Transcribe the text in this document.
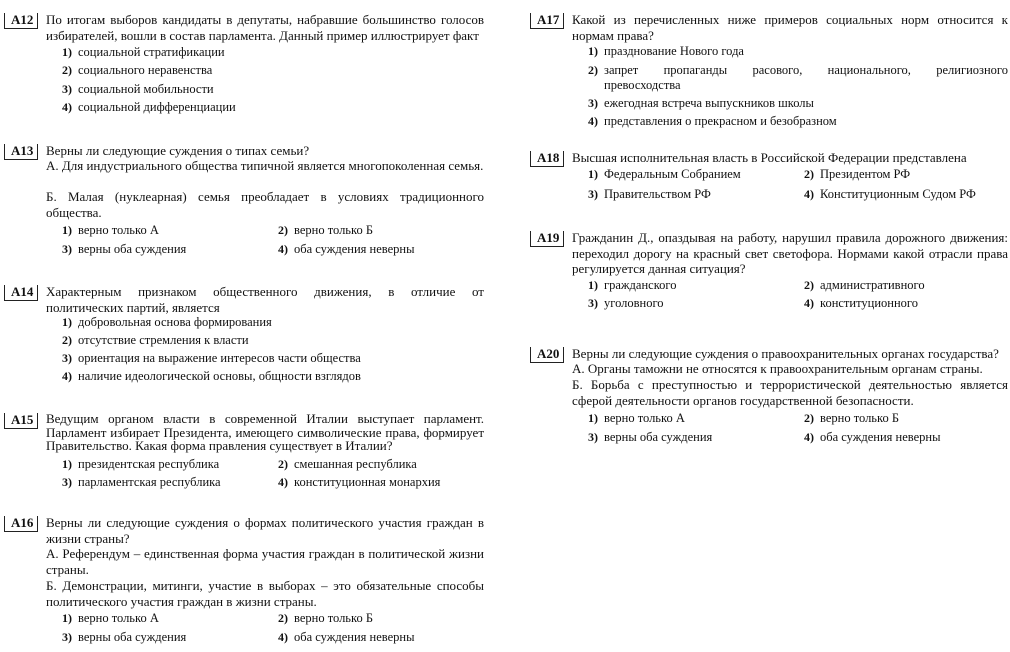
A12 По итогам выборов кандидаты в депутаты, набравшие большинство голосов избирателей, вошли в состав парламента. Данный пример иллюстрирует факт
1) социальной стратификации
2) социального неравенства
3) социальной мобильности
4) социальной дифференциации
A13 Верны ли следующие суждения о типах семьи?
А. Для индустриального общества типичной является многопоколенная семья.
Б. Малая (нуклеарная) семья преобладает в условиях традиционного общества.
1) верно только А	2) верно только Б
3) верны оба суждения	4) оба суждения неверны
A14 Характерным признаком общественного движения, в отличие от политических партий, является
1) добровольная основа формирования
2) отсутствие стремления к власти
3) ориентация на выражение интересов части общества
4) наличие идеологической основы, общности взглядов
A15 Ведущим органом власти в современной Италии выступает парламент. Парламент избирает Президента, имеющего символические права, формирует Правительство. Какая форма правления существует в Италии?
1) президентская республика	2) смешанная республика
3) парламентская республика	4) конституционная монархия
A16 Верны ли следующие суждения о формах политического участия граждан в жизни страны?
А. Референдум – единственная форма участия граждан в политической жизни страны.
Б. Демонстрации, митинги, участие в выборах – это обязательные способы политического участия граждан в жизни страны.
1) верно только А	2) верно только Б
3) верны оба суждения	4) оба суждения неверны
A17 Какой из перечисленных ниже примеров социальных норм относится к нормам права?
1) празднование Нового года
2) запрет пропаганды расового, национального, религиозного превосходства
3) ежегодная встреча выпускников школы
4) представления о прекрасном и безобразном
A18 Высшая исполнительная власть в Российской Федерации представлена
1) Федеральным Собранием	2) Президентом РФ
3) Правительством РФ	4) Конституционным Судом РФ
A19 Гражданин Д., опаздывая на работу, нарушил правила дорожного движения: переходил дорогу на красный свет светофора. Нормами какой отрасли права регулируется данная ситуация?
1) гражданского	2) административного
3) уголовного	4) конституционного
A20 Верны ли следующие суждения о правоохранительных органах государства?
А. Органы таможни не относятся к правоохранительным органам страны.
Б. Борьба с преступностью и террористической деятельностью является сферой деятельности органов государственной безопасности.
1) верно только А	2) верно только Б
3) верны оба суждения	4) оба суждения неверны
